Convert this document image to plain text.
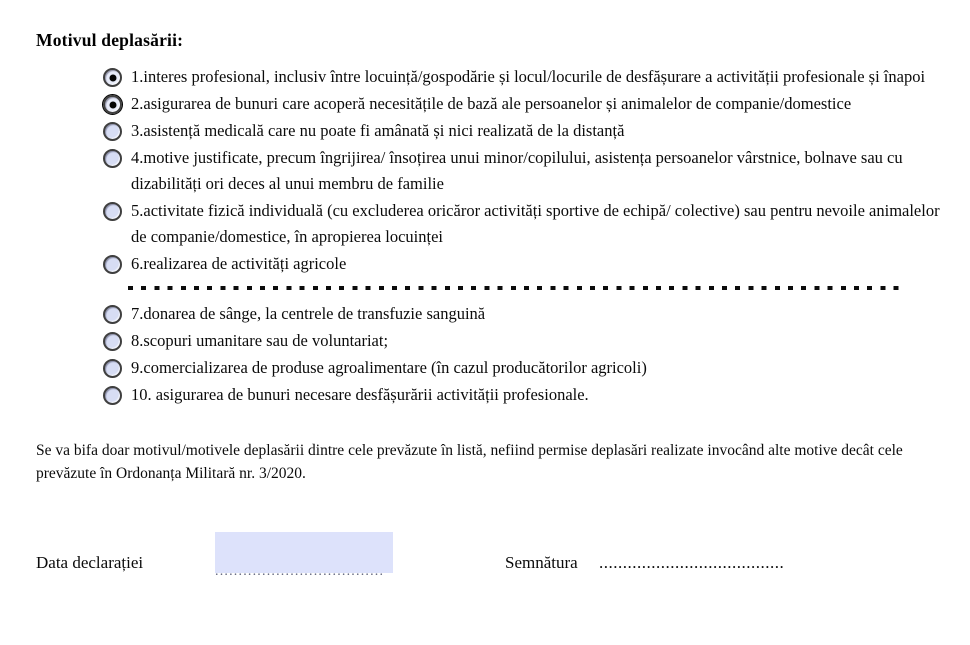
Motivul deplasării:
1.interes profesional, inclusiv între locuință/gospodărie și locul/locurile de desfășurare a activității profesionale și înapoi
2.asigurarea de bunuri care acoperă necesitățile de bază ale persoanelor și animalelor de companie/domestice
3.asistență medicală care nu poate fi amânată și nici realizată de la distanță
4.motive justificate, precum îngrijirea/ însoțirea unui minor/copilului, asistența persoanelor vârstnice, bolnave sau cu dizabilități ori deces al unui membru de familie
5.activitate fizică individuală (cu excluderea oricăror activități sportive de echipă/ colective) sau pentru nevoile animalelor de companie/domestice, în apropierea locuinței
6.realizarea de activități agricole
7.donarea de sânge, la centrele de transfuzie sanguină
8.scopuri umanitare sau de voluntariat;
9.comercializarea de produse agroalimentare (în cazul producătorilor agricoli)
10. asigurarea de bunuri necesare desfășurării activității profesionale.
Se va bifa doar motivul/motivele deplasării dintre cele prevăzute în listă, nefiind permise deplasări realizate invocând alte motive decât cele prevăzute în Ordonanța Militară nr. 3/2020.
Data declarației	....................................	Semnătura .......................................
